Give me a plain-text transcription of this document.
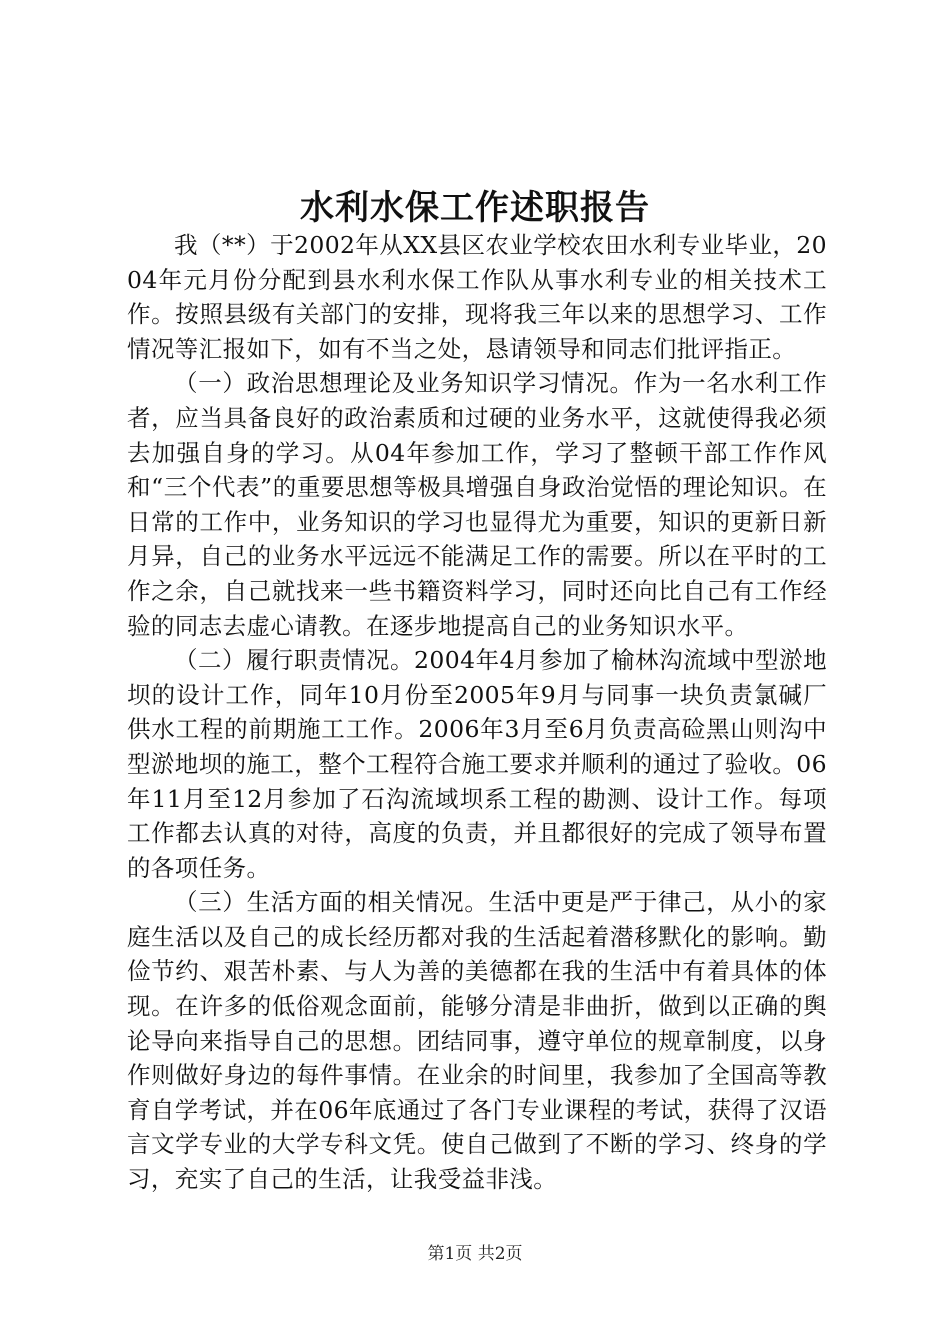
水利水保工作述职报告

我（**）于2002年从XX县区农业学校农田水利专业毕业，2004年元月份分配到县水利水保工作队从事水利专业的相关技术工作。按照县级有关部门的安排，现将我三年以来的思想学习、工作情况等汇报如下，如有不当之处，恳请领导和同志们批评指正。

（一）政治思想理论及业务知识学习情况。作为一名水利工作者，应当具备良好的政治素质和过硬的业务水平，这就使得我必须去加强自身的学习。从04年参加工作，学习了整顿干部工作作风和“三个代表”的重要思想等极具增强自身政治觉悟的理论知识。在日常的工作中，业务知识的学习也显得尤为重要，知识的更新日新月异，自己的业务水平远远不能满足工作的需要。所以在平时的工作之余，自己就找来一些书籍资料学习，同时还向比自己有工作经验的同志去虚心请教。在逐步地提高自己的业务知识水平。

（二）履行职责情况。2004年4月参加了榆林沟流域中型淤地坝的设计工作，同年10月份至2005年9月与同事一块负责氯碱厂供水工程的前期施工工作。2006年3月至6月负责高硷黑山则沟中型淤地坝的施工，整个工程符合施工要求并顺利的通过了验收。06年11月至12月参加了石沟流域坝系工程的勘测、设计工作。每项工作都去认真的对待，高度的负责，并且都很好的完成了领导布置的各项任务。

（三）生活方面的相关情况。生活中更是严于律己，从小的家庭生活以及自己的成长经历都对我的生活起着潜移默化的影响。勤俭节约、艰苦朴素、与人为善的美德都在我的生活中有着具体的体现。在许多的低俗观念面前，能够分清是非曲折，做到以正确的舆论导向来指导自己的思想。团结同事，遵守单位的规章制度，以身作则做好身边的每件事情。在业余的时间里，我参加了全国高等教育自学考试，并在06年底通过了各门专业课程的考试，获得了汉语言文学专业的大学专科文凭。使自己做到了不断的学习、终身的学习，充实了自己的生活，让我受益非浅。

第1页 共2页
